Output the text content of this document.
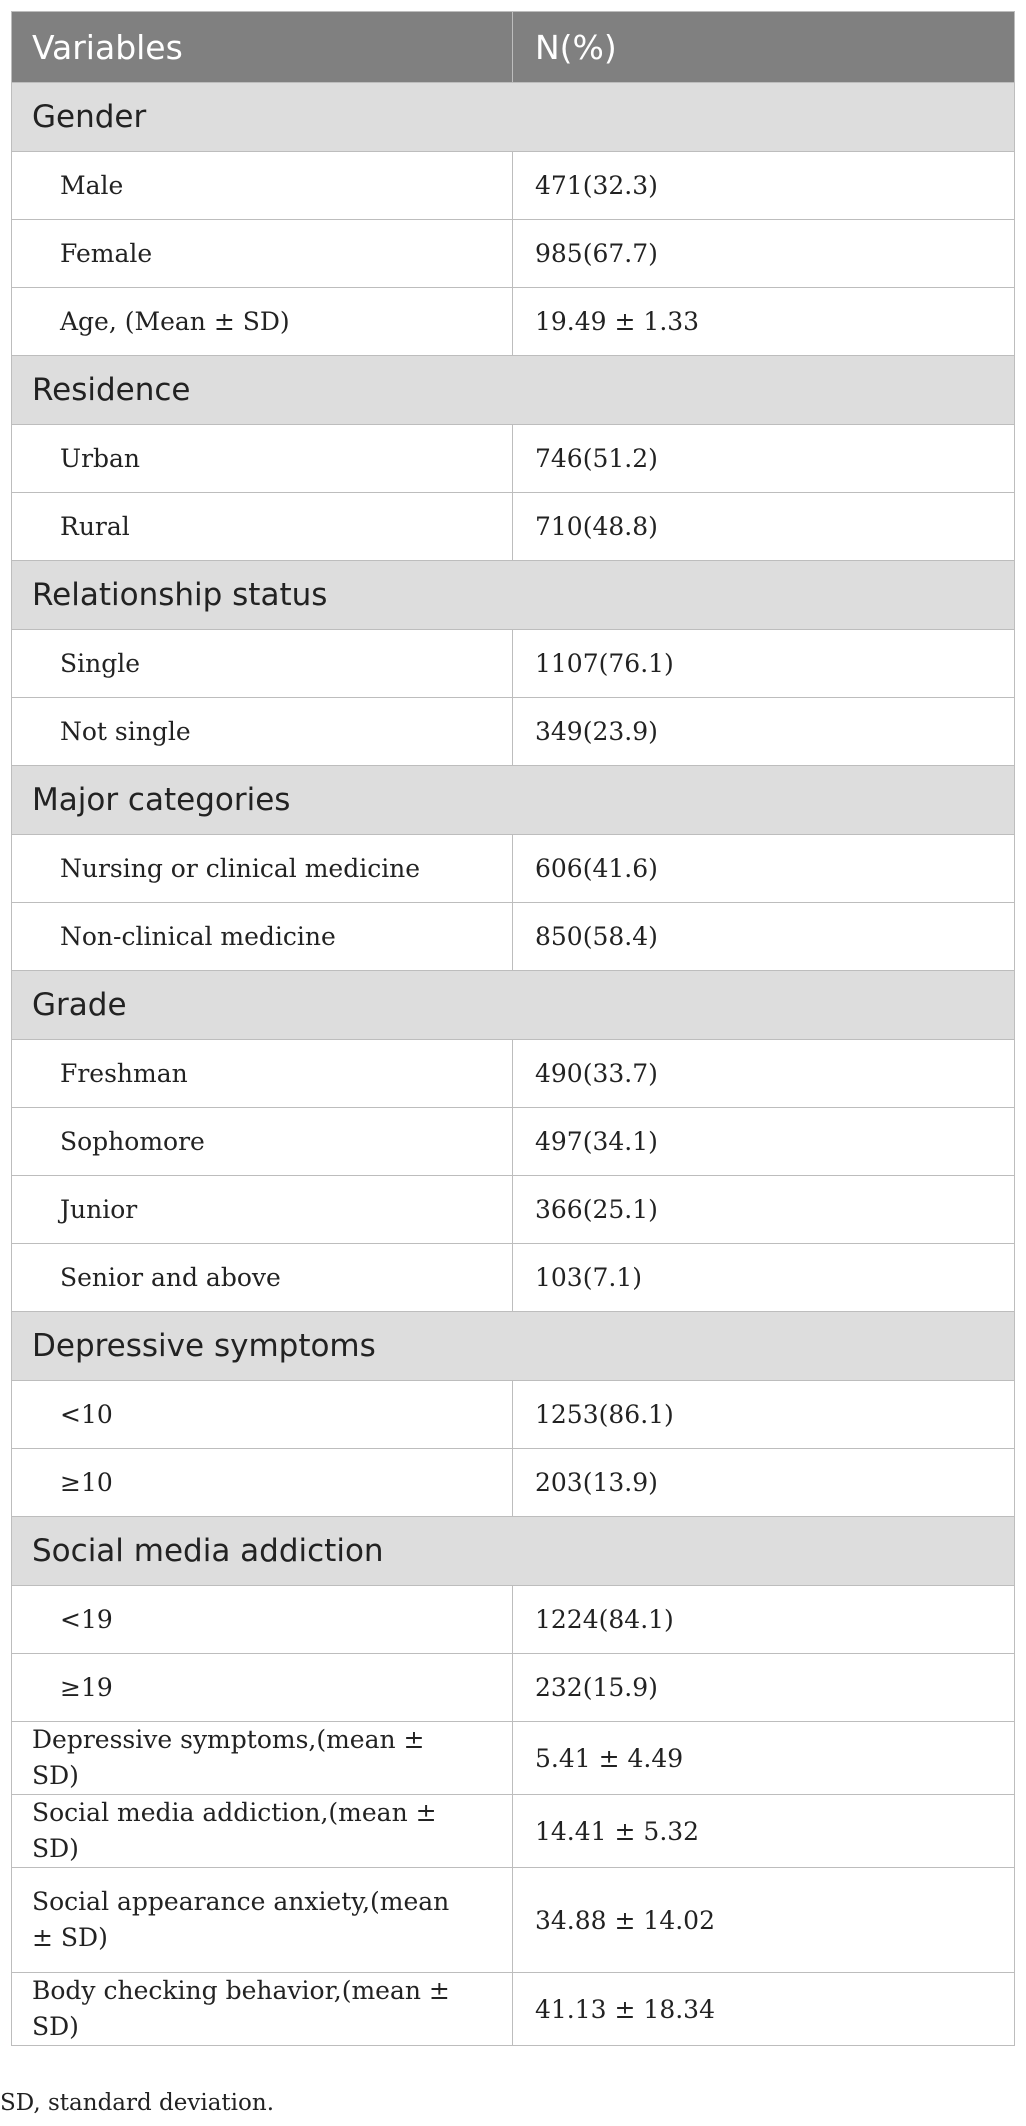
Variables	N(%)
Gender	
Male	471(32.3)
Female	985(67.7)
Age, (Mean ± SD)	19.49 ± 1.33
Residence	
Urban	746(51.2)
Rural	710(48.8)
Relationship status	
Single	1107(76.1)
Not single	349(23.9)
Major categories	
Nursing or clinical medicine	606(41.6)
Non-clinical medicine	850(58.4)
Grade	
Freshman	490(33.7)
Sophomore	497(34.1)
Junior	366(25.1)
Senior and above	103(7.1)
Depressive symptoms	
<10	1253(86.1)
≥10	203(13.9)
Social media addiction	
<19	1224(84.1)
≥19	232(15.9)
Depressive symptoms,(mean ± SD)	5.41 ± 4.49
Social media addiction,(mean ± SD)	14.41 ± 5.32
Social appearance anxiety,(mean ± SD)	34.88 ± 14.02
Body checking behavior,(mean ± SD)	41.13 ± 18.34
SD, standard deviation.
